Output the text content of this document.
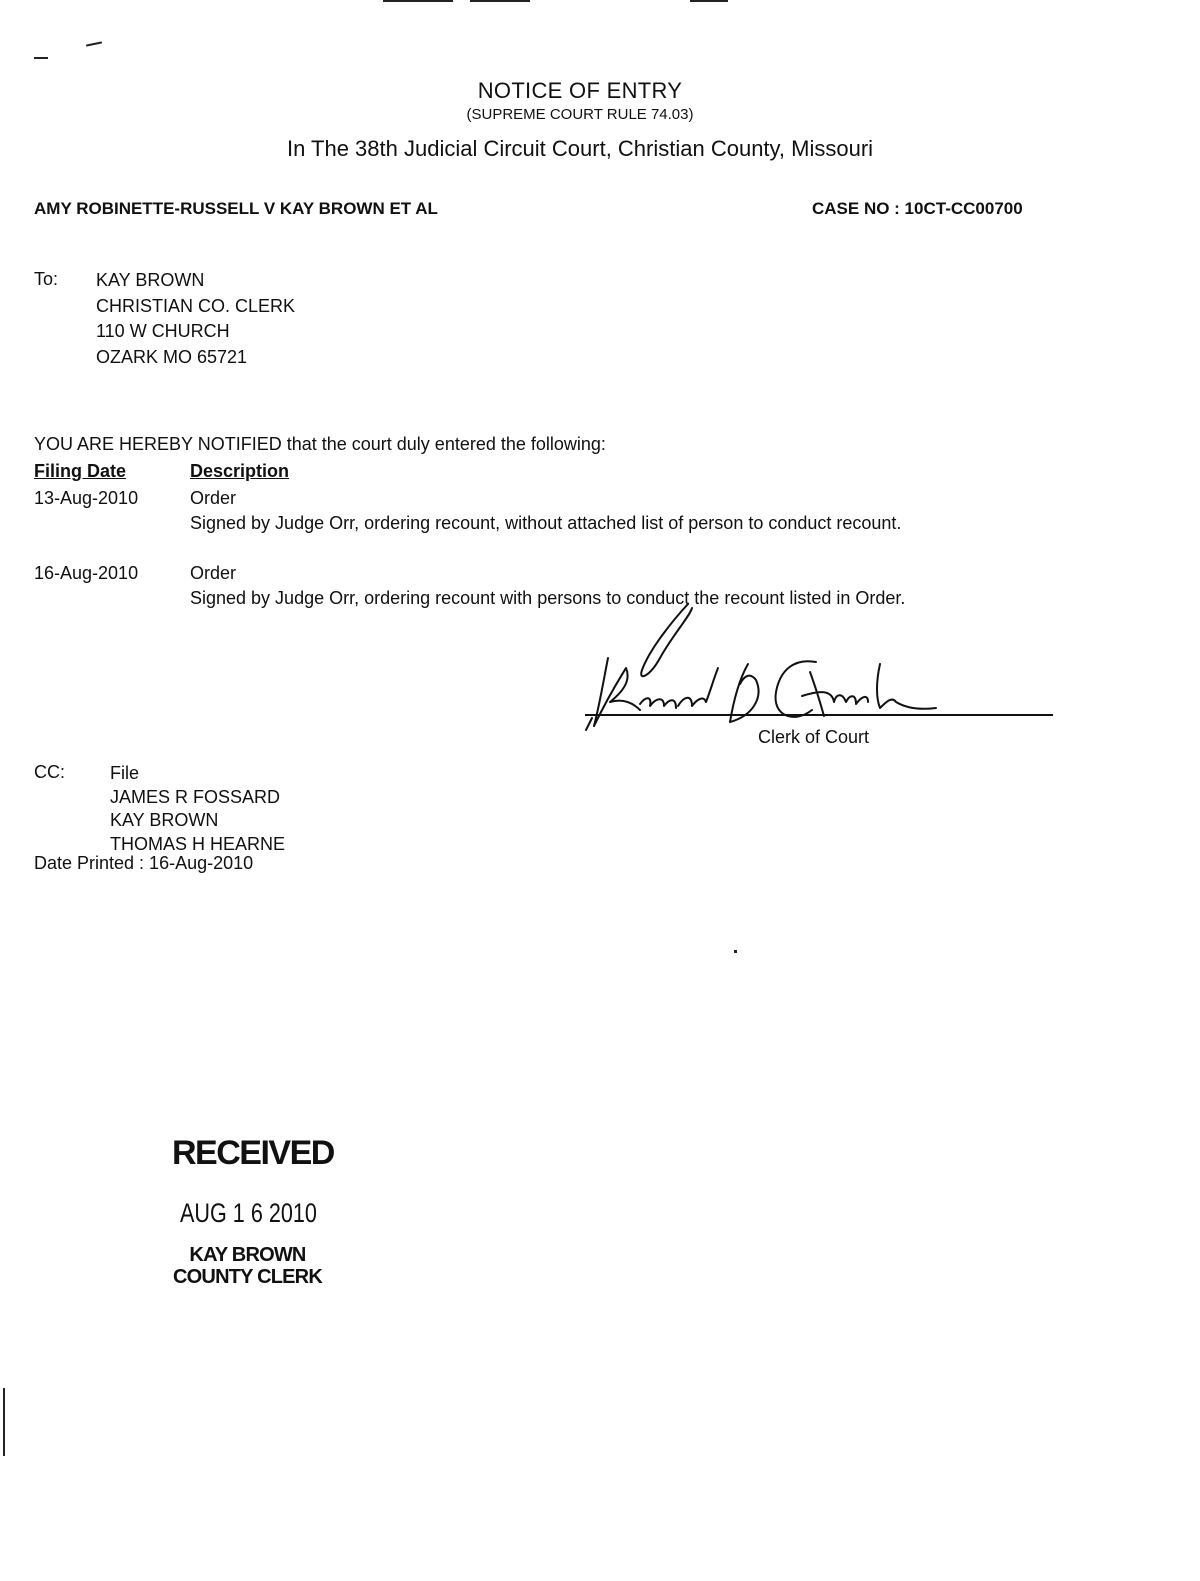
NOTICE OF ENTRY
(SUPREME COURT RULE 74.03)
In The 38th Judicial Circuit Court, Christian County, Missouri
AMY ROBINETTE-RUSSELL V KAY BROWN ET AL	CASE NO : 10CT-CC00700
To: KAY BROWN
CHRISTIAN CO. CLERK
110 W CHURCH
OZARK MO 65721
YOU ARE HEREBY NOTIFIED that the court duly entered the following:
Filing Date	Description
13-Aug-2010	Order
Signed by Judge Orr, ordering recount, without attached list of person to conduct recount.
16-Aug-2010	Order
Signed by Judge Orr, ordering recount with persons to conduct the recount listed in Order.
Clerk of Court
CC:	File
JAMES R FOSSARD
KAY BROWN
THOMAS H HEARNE
Date Printed : 16-Aug-2010
RECEIVED
AUG 1 6 2010
KAY BROWN
COUNTY CLERK
